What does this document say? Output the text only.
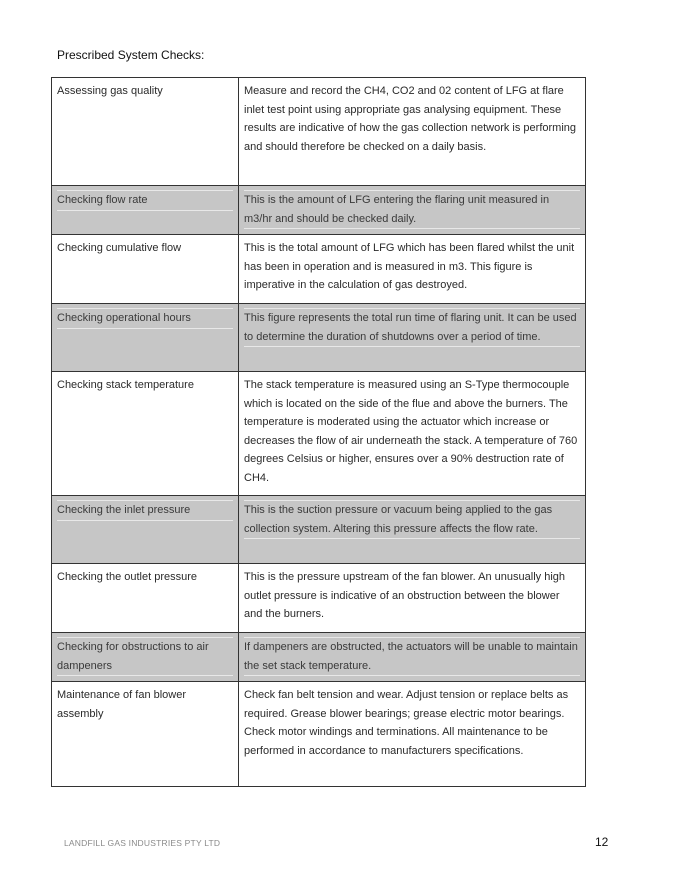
Prescribed System Checks:
Assessing gas quality	Measure and record the CH4, CO2 and 02 content of LFG at flare inlet test point using appropriate gas analysing equipment. These results are indicative of how the gas collection network is performing and should therefore be checked on a daily basis.

Checking flow rate	This is the amount of LFG entering the flaring unit measured in m3/hr and should be checked daily.

Checking cumulative flow	This is the total amount of LFG which has been flared whilst the unit has been in operation and is measured in m3. This figure is imperative in the calculation of gas destroyed.

Checking operational hours	This figure represents the total run time of flaring unit. It can be used to determine the duration of shutdowns over a period of time.

Checking stack temperature	The stack temperature is measured using an S-Type thermocouple which is located on the side of the flue and above the burners. The temperature is moderated using the actuator which increase or decreases the flow of air underneath the stack. A temperature of 760 degrees Celsius or higher, ensures over a 90% destruction rate of CH4.

Checking the inlet pressure	This is the suction pressure or vacuum being applied to the gas collection system. Altering this pressure affects the flow rate.

Checking the outlet pressure	This is the pressure upstream of the fan blower. An unusually high outlet pressure is indicative of an obstruction between the blower and the burners.

Checking for obstructions to air dampeners	If dampeners are obstructed, the actuators will be unable to maintain the set stack temperature.

Maintenance of fan blower assembly	Check fan belt tension and wear. Adjust tension or replace belts as required. Grease blower bearings; grease electric motor bearings. Check motor windings and terminations. All maintenance to be performed in accordance to manufacturers specifications.
LANDFILL GAS INDUSTRIES PTY LTD	12
